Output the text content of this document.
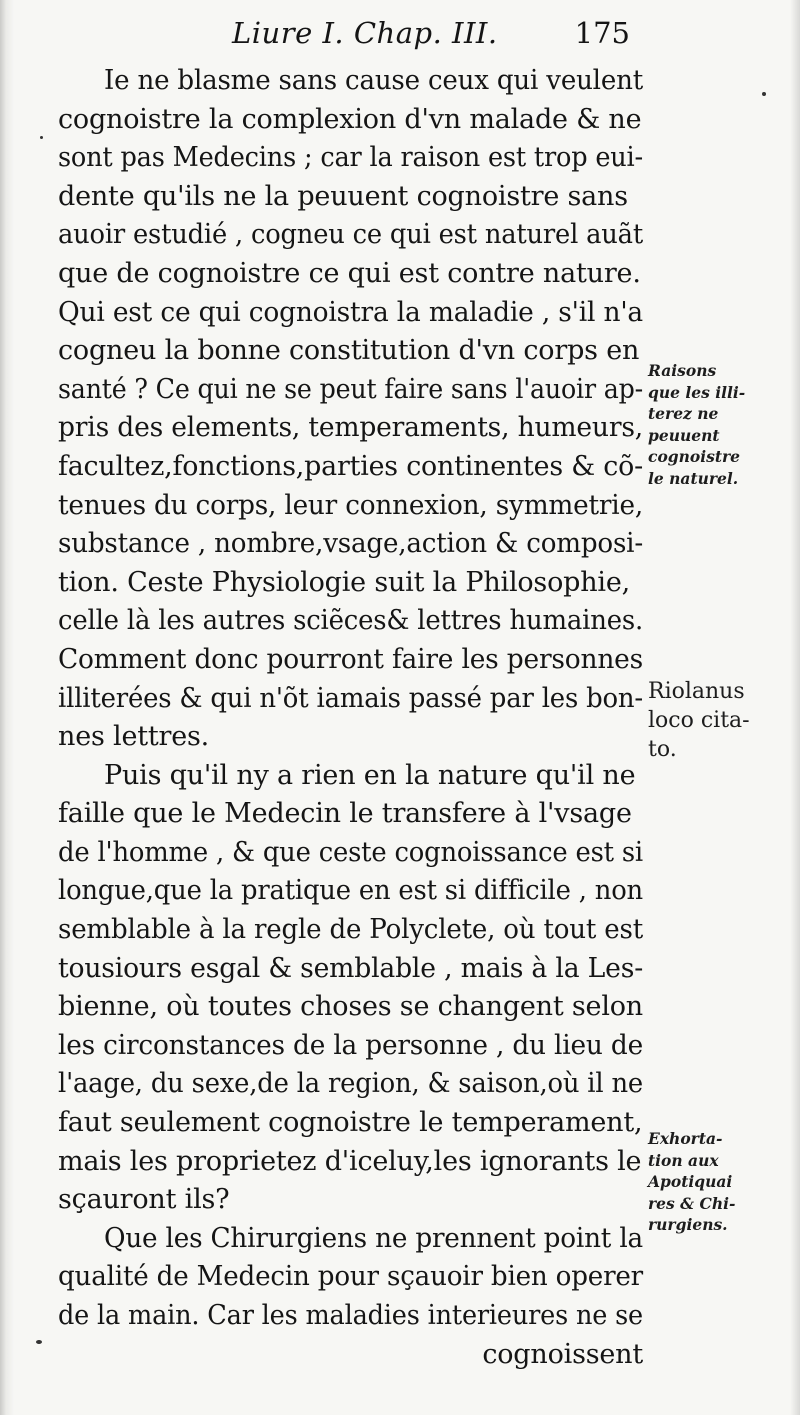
Liure I. Chap. III.	175
Ie ne blasme sans cause ceux qui veulent
cognoistre la complexion d'vn malade & ne
sont pas Medecins ; car la raison est trop eui-
dente qu'ils ne la peuuent cognoistre sans
auoir estudié , cogneu ce qui est naturel auãt
que de cognoistre ce qui est contre nature.
Qui est ce qui cognoistra la maladie , s'il n'a
cogneu la bonne constitution d'vn corps en
santé ? Ce qui ne se peut faire sans l'auoir ap-
pris des elements, temperaments, humeurs,
facultez,fonctions,parties continentes & cõ-
tenues du corps, leur connexion, symmetrie,
substance , nombre,vsage,action & composi-
tion. Ceste Physiologie suit la Philosophie,
celle là les autres sciẽces& lettres humaines.
Comment donc pourront faire les personnes
illiterées & qui n'õt iamais passé par les bon-
nes lettres.
Puis qu'il ny a rien en la nature qu'il ne
faille que le Medecin le transfere à l'vsage
de l'homme , & que ceste cognoissance est si
longue,que la pratique en est si difficile , non
semblable à la regle de Polyclete, où tout est
tousiours esgal & semblable , mais à la Les-
bienne, où toutes choses se changent selon
les circonstances de la personne , du lieu de
l'aage, du sexe,de la region, & saison,où il ne
faut seulement cognoistre le temperament,
mais les proprietez d'iceluy,les ignorants le
sçauront ils?
Que les Chirurgiens ne prennent point la
qualité de Medecin pour sçauoir bien operer
de la main. Car les maladies interieures ne se
cognoissent
Raisons
que les illi-
terez ne
peuuent
cognoistre
le naturel.
Riolanus
loco cita-
to.
Exhorta-
tion aux
Apotiquai
res & Chi-
rurgiens.
